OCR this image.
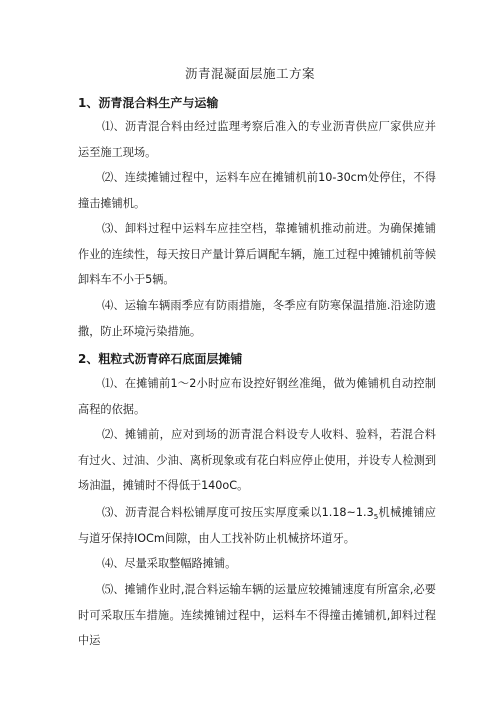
沥青混凝面层施工方案
1、沥青混合料生产与运输
⑴、沥青混合料由经过监理考察后准入的专业沥青供应厂家供应并运至施工现场。
⑵、连续摊铺过程中，运料车应在摊铺机前10-30cm处停住，不得撞击摊铺机。
⑶、卸料过程中运料车应挂空档，靠摊铺机推动前进。为确保摊铺作业的连续性，每天按日产量计算后调配车辆，施工过程中摊铺机前等候卸料车不小于5辆。
⑷、运输车辆雨季应有防雨措施，冬季应有防寒保温措施.沿途防遗撒，防止环境污染措施。
2、粗粒式沥青碎石底面层摊铺
⑴、在摊铺前1～2小时应布设控好钢丝准绳，做为傩铺机自动控制高程的依据。
⑵、摊铺前，应对到场的沥青混合料设专人收料、验料，若混合料有过火、过油、少油、离析现象或有花白料应停止使用，并设专人检测到场油温，摊铺时不得低于140oC。
⑶、沥青混合料松铺厚度可按压实厚度乘以$1.18\sim 1.3_5$机械摊铺应与道牙保持IOCm间隙，由人工找补防止机械挤坏道牙。
⑷、尽量采取整幅路摊铺。
⑸、摊铺作业时,混合料运输车辆的运量应较摊铺速度有所富余,必要时可采取压车措施。连续摊铺过程中，运料车不得撞击摊铺机,卸料过程中运
